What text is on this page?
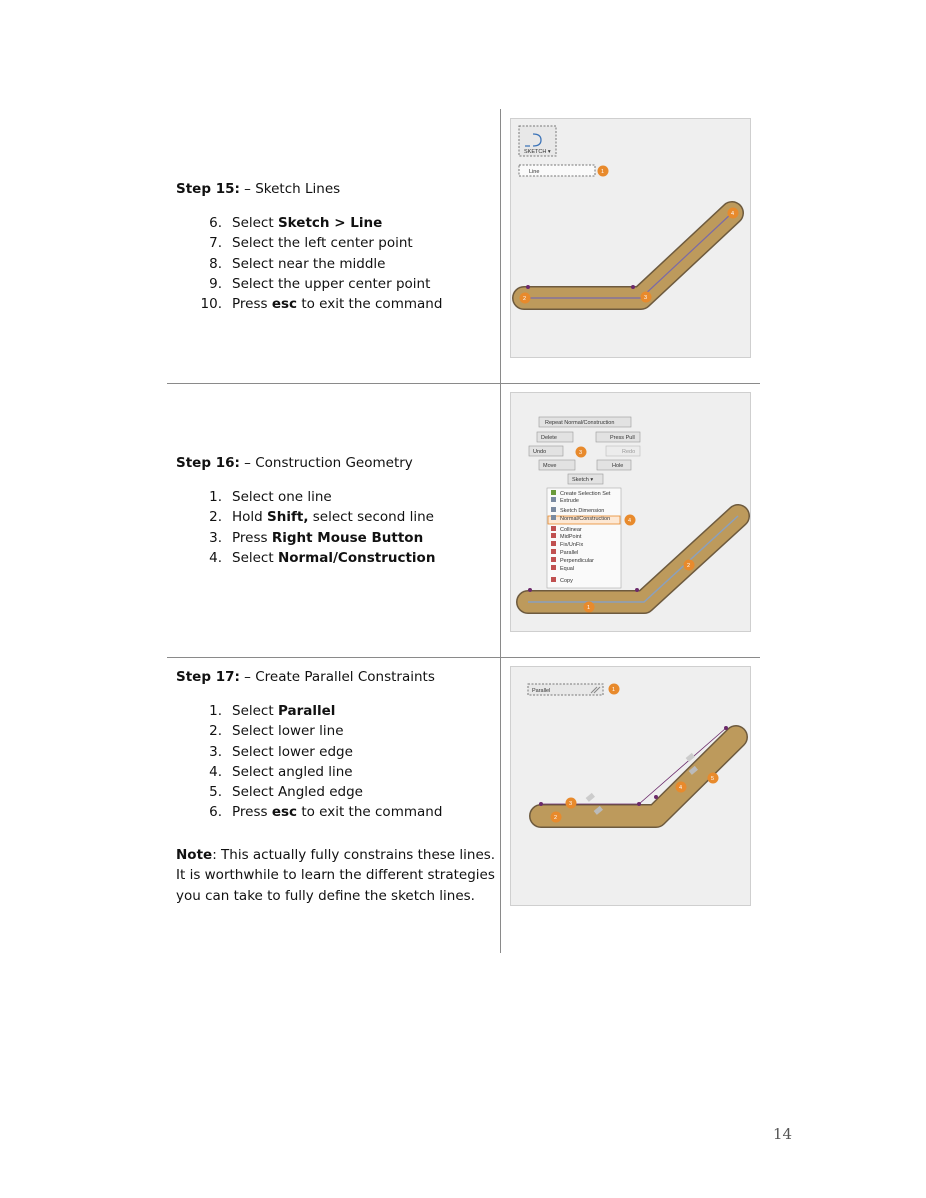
Step 15: – Sketch Lines
6. Select Sketch > Line
7. Select the left center point
8. Select near the middle
9. Select the upper center point
10. Press esc to exit the command
Step 16: – Construction Geometry
1. Select one line
2. Hold Shift, select second line
3. Press Right Mouse Button
4. Select Normal/Construction
Step 17: – Create Parallel Constraints
1. Select Parallel
2. Select lower line
3. Select lower edge
4. Select angled line
5. Select Angled edge
6. Press esc to exit the command
Note: This actually fully constrains these lines. It is worthwhile to learn the different strategies you can take to fully define the sketch lines.
SKETCH ▾
Line	1
2	3
4
Repeat Normal/Construction
Delete	Press Pull
Undo	Redo
Move	Hole
Sketch ▾
Create Selection Set
Extrude
Sketch Dimension
Normal/Construction
Collinear
MidPoint
Fix/UnFix
Parallel
Perpendicular
Equal
Copy
1
2
3
4
Parallel	1
2
3
4
5
14
